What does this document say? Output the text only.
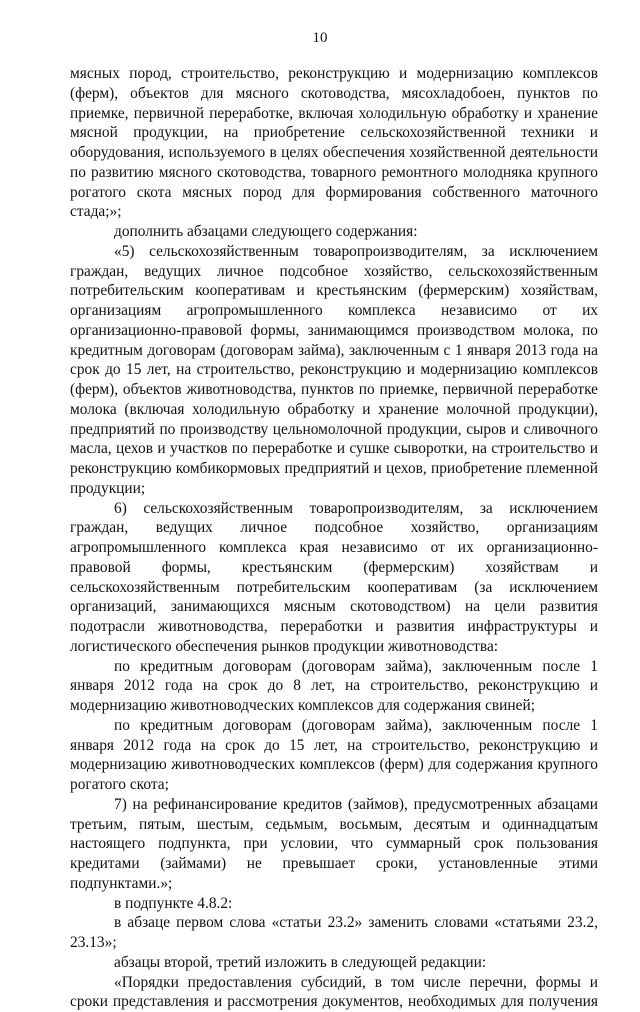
10

мясных пород, строительство, реконструкцию и модернизацию комплексов (ферм), объектов для мясного скотоводства, мясохладобоен, пунктов по приемке, первичной переработке, включая холодильную обработку и хранение мясной продукции, на приобретение сельскохозяйственной техники и оборудования, используемого в целях обеспечения хозяйственной деятельности по развитию мясного скотоводства, товарного ремонтного молодняка крупного рогатого скота мясных пород для формирования собственного маточного стада;»;

дополнить абзацами следующего содержания:

«5) сельскохозяйственным товаропроизводителям, за исключением граждан, ведущих личное подсобное хозяйство, сельскохозяйственным потребительским кооперативам и крестьянским (фермерским) хозяйствам, организациям агропромышленного комплекса независимо от их организационно-правовой формы, занимающимся производством молока, по кредитным договорам (договорам займа), заключенным с 1 января 2013 года на срок до 15 лет, на строительство, реконструкцию и модернизацию комплексов (ферм), объектов животноводства, пунктов по приемке, первичной переработке молока (включая холодильную обработку и хранение молочной продукции), предприятий по производству цельномолочной продукции, сыров и сливочного масла, цехов и участков по переработке и сушке сыворотки, на строительство и реконструкцию комбикормовых предприятий и цехов, приобретение племенной продукции;

6) сельскохозяйственным товаропроизводителям, за исключением граждан, ведущих личное подсобное хозяйство, организациям агропромышленного комплекса края независимо от их организационно-правовой формы, крестьянским (фермерским) хозяйствам и сельскохозяйственным потребительским кооперативам (за исключением организаций, занимающихся мясным скотоводством) на цели развития подотрасли животноводства, переработки и развития инфраструктуры и логистического обеспечения рынков продукции животноводства:

по кредитным договорам (договорам займа), заключенным после 1 января 2012 года на срок до 8 лет, на строительство, реконструкцию и модернизацию животноводческих комплексов для содержания свиней;

по кредитным договорам (договорам займа), заключенным после 1 января 2012 года на срок до 15 лет, на строительство, реконструкцию и модернизацию животноводческих комплексов (ферм) для содержания крупного рогатого скота;

7) на рефинансирование кредитов (займов), предусмотренных абзацами третьим, пятым, шестым, седьмым, восьмым, десятым и одиннадцатым настоящего подпункта, при условии, что суммарный срок пользования кредитами (займами) не превышает сроки, установленные этими подпунктами.»;

в подпункте 4.8.2:

в абзаце первом слова «статьи 23.2» заменить словами «статьями 23.2, 23.13»;

абзацы второй, третий изложить в следующей редакции:

«Порядки предоставления субсидий, в том числе перечни, формы и сроки представления и рассмотрения документов, необходимых для получения
